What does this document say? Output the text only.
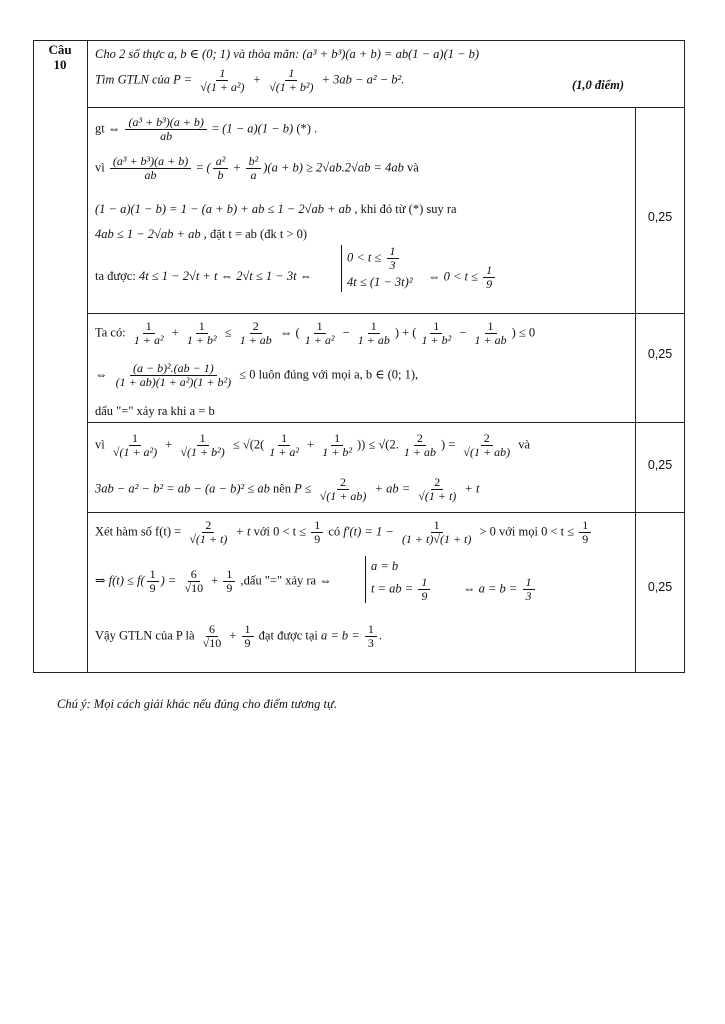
Câu
10
Cho 2 số thực a, b ∈ (0; 1) và thỏa mãn: (a³ + b³)(a + b) = ab(1 − a)(1 − b)
Tìm GTLN của $P = \frac{1}{\text{√(1 + a²)}} + \frac{1}{\text{√(1 + b²)}} + 3ab - a^2 - b^2$.	(1,0 điểm)
gt ⇔ $\frac{\text{(a³ + b³)(a + b)}}{ab} = (1 - a)(1 - b)$ (*) .
vì $\frac{\text{(a³ + b³)(a + b)}}{ab}$ = ( $\frac{\text{a²}}{b} + \frac{\text{b²}}{a} )(a + b) \ge 2√ab.2√ab = 4ab$ và
(1 − a)(1 − b) = 1 − (a + b) + ab ≤ 1 − 2√ab + ab , khi đó từ (*) suy ra
4ab ≤ 1 − 2√ab + ab , đặt t = ab (đk t > 0)
ta được: 4t ≤ 1 − 2√t + t ⇔ 2√t ≤ 1 − 3t ⇔
$0 < t \le \frac{1}{3}$
4t ≤ (1 − 3t)² ⇔ $0 < t \le \frac{1}{9}$
0,25
Ta có: $\frac{1}{\text{1 + a²}} + \frac{1}{\text{1 + b²}} \le \frac{2}{1 + ab}$ ⇔ ( $\frac{1}{\text{1 + a²}} - \frac{1}{1 + ab}$ ) + ( $\frac{1}{\text{1 + b²}} - \frac{1}{1 + ab}$ ) ≤ 0
⇔ $\frac{\text{(a − b)².(ab − 1)}}{\text{(1 + ab)(1 + a²)(1 + b²)}} \le 0$ luôn đúng với mọi a, b ∈ (0; 1),
dấu "=" xảy ra khi a = b
0,25
vì $\frac{1}{\text{√(1 + a²)}} + \frac{1}{\text{√(1 + b²)}} \le √(2( \frac{1}{\text{1 + a²}} + \frac{1}{\text{1 + b²}}$ )) ≤ √(2. $\frac{2}{1 + ab}$ ) = $\frac{2}{√(1 + ab)}$ và
3ab − a² − b² = ab − (a − b)² ≤ ab nên $P \le \frac{2}{√(1 + ab)}$ + ab = $\frac{2}{√(1 + t)} + t$
0,25
Xét hàm số $f(t) = \frac{2}{√(1 + t)} + t$ với $0 < t \le \frac{1}{9}$ có $f'(t) = 1 - \frac{1}{(1 + t)√(1 + t)} > 0$ với mọi $0 < t \le \frac{1}{9}$
⇒ $f(t) \le f( \frac{1}{9}$ ) = $\frac{6}{√10} + \frac{1}{9}$ ,dấu "=" xảy ra ⇔
a = b
t = ab = $\frac{1}{9}$	⇔ $a = b = \frac{1}{3}$
Vậy GTLN của P là $\frac{6}{√10} + \frac{1}{9}$ đạt được tại $a = b = \frac{1}{3}$ .
0,25
Chú ý: Mọi cách giải khác nếu đúng cho điểm tương tự.
